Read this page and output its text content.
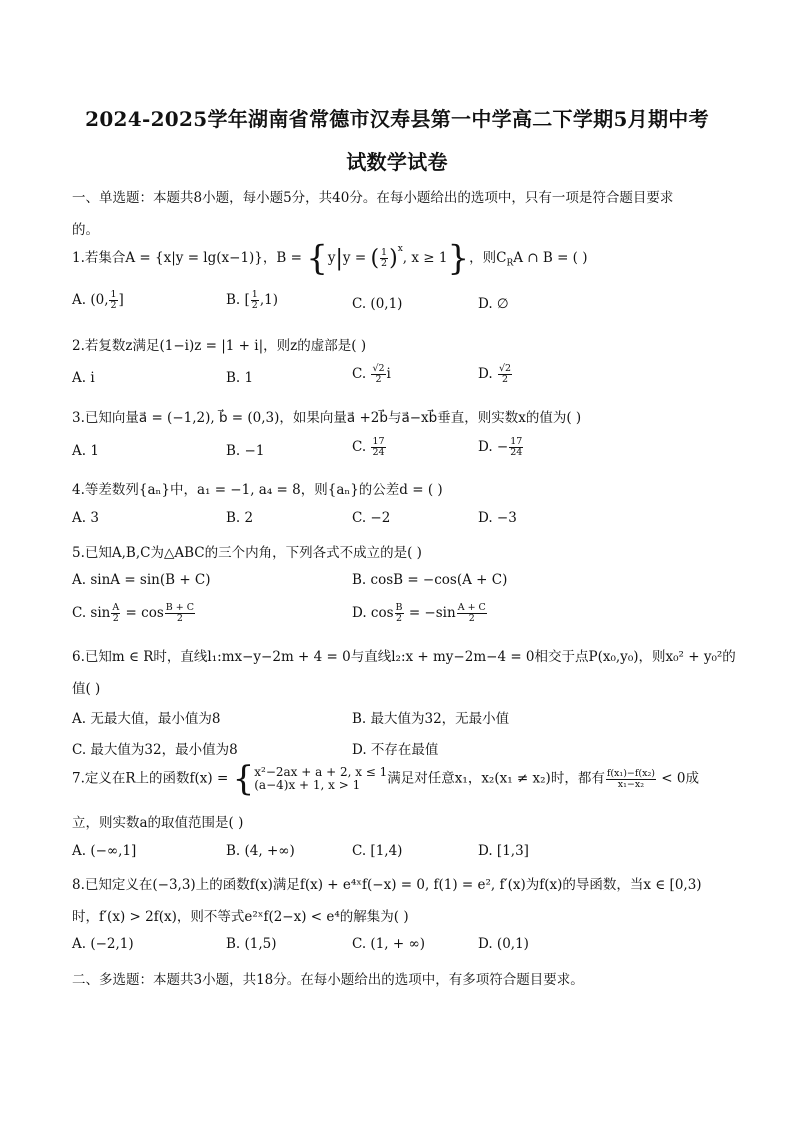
2024-2025学年湖南省常德市汉寿县第一中学高二下学期5月期中考
试数学试卷
一、单选题：本题共8小题，每小题5分，共40分。在每小题给出的选项中，只有一项是符合题目要求
的。
1.若集合A = {x|y = lg(x−1)}，B = {y|y = ( $\frac{1}{2} )^x$, x ≥ 1}，则$C_RA$ ∩ B = ( )
A. (0, $\frac{1}{2}$ ]	B. [ $\frac{1}{2} ,1$)	C. (0,1)	D. ∅
2.若复数z满足(1−i)z = |1 + i|，则z的虚部是( )
A. i	B. 1	C. $\frac{√2}{2}$ i	D. $\frac{√2}{2}$
3.已知向量a⃗ = (−1,2), b⃗ = (0,3)，如果向量a⃗ +2b⃗与a⃗−xb⃗垂直，则实数x的值为( )
A. 1	B. −1	C. $\frac{17}{24}$	D. − $\frac{17}{24}$
4.等差数列{aₙ}中，a₁ = −1, a₄ = 8，则{aₙ}的公差d = ( )
A. 3	B. 2	C. −2	D. −3
5.已知A,B,C为△ABC的三个内角，下列各式不成立的是( )
A. sinA = sin(B + C)	B. cosB = −cos(A + C)
C. $\sin \frac{A}{2} = \cos \frac{B + C}{2}$	D. $\cos \frac{B}{2} = -\sin \frac{A + C}{2}$
6.已知m ∈ R时，直线l₁:mx−y−2m + 4 = 0与直线l₂:x + my−2m−4 = 0相交于点P(x₀,y₀)，则x₀² + y₀²的
值( )
A. 无最大值，最小值为8	B. 最大值为32，无最小值
C. 最大值为32，最小值为8	D. 不存在最值
7.定义在R上的函数f(x) = { x²−2ax + a + 2, x ≤ 1
(a−4)x + 1, x > 1	满足对任意x₁，x₂(x₁ ≠ x₂)时，都有 $\frac{\text{f(x₁)−f(x₂)}}{\text{x₁−x₂}} < 0$成
立，则实数a的取值范围是( )
A. (−∞,1]	B. (4, +∞)	C. [1,4)	D. [1,3]
8.已知定义在(−3,3)上的函数f(x)满足f(x) + e⁴ˣf(−x) = 0, f(1) = e², f′(x)为f(x)的导函数，当x ∈ [0,3)
时，f′(x) > 2f(x)，则不等式e²ˣf(2−x) < e⁴的解集为( )
A. (−2,1)	B. (1,5)	C. (1, + ∞)	D. (0,1)
二、多选题：本题共3小题，共18分。在每小题给出的选项中，有多项符合题目要求。
